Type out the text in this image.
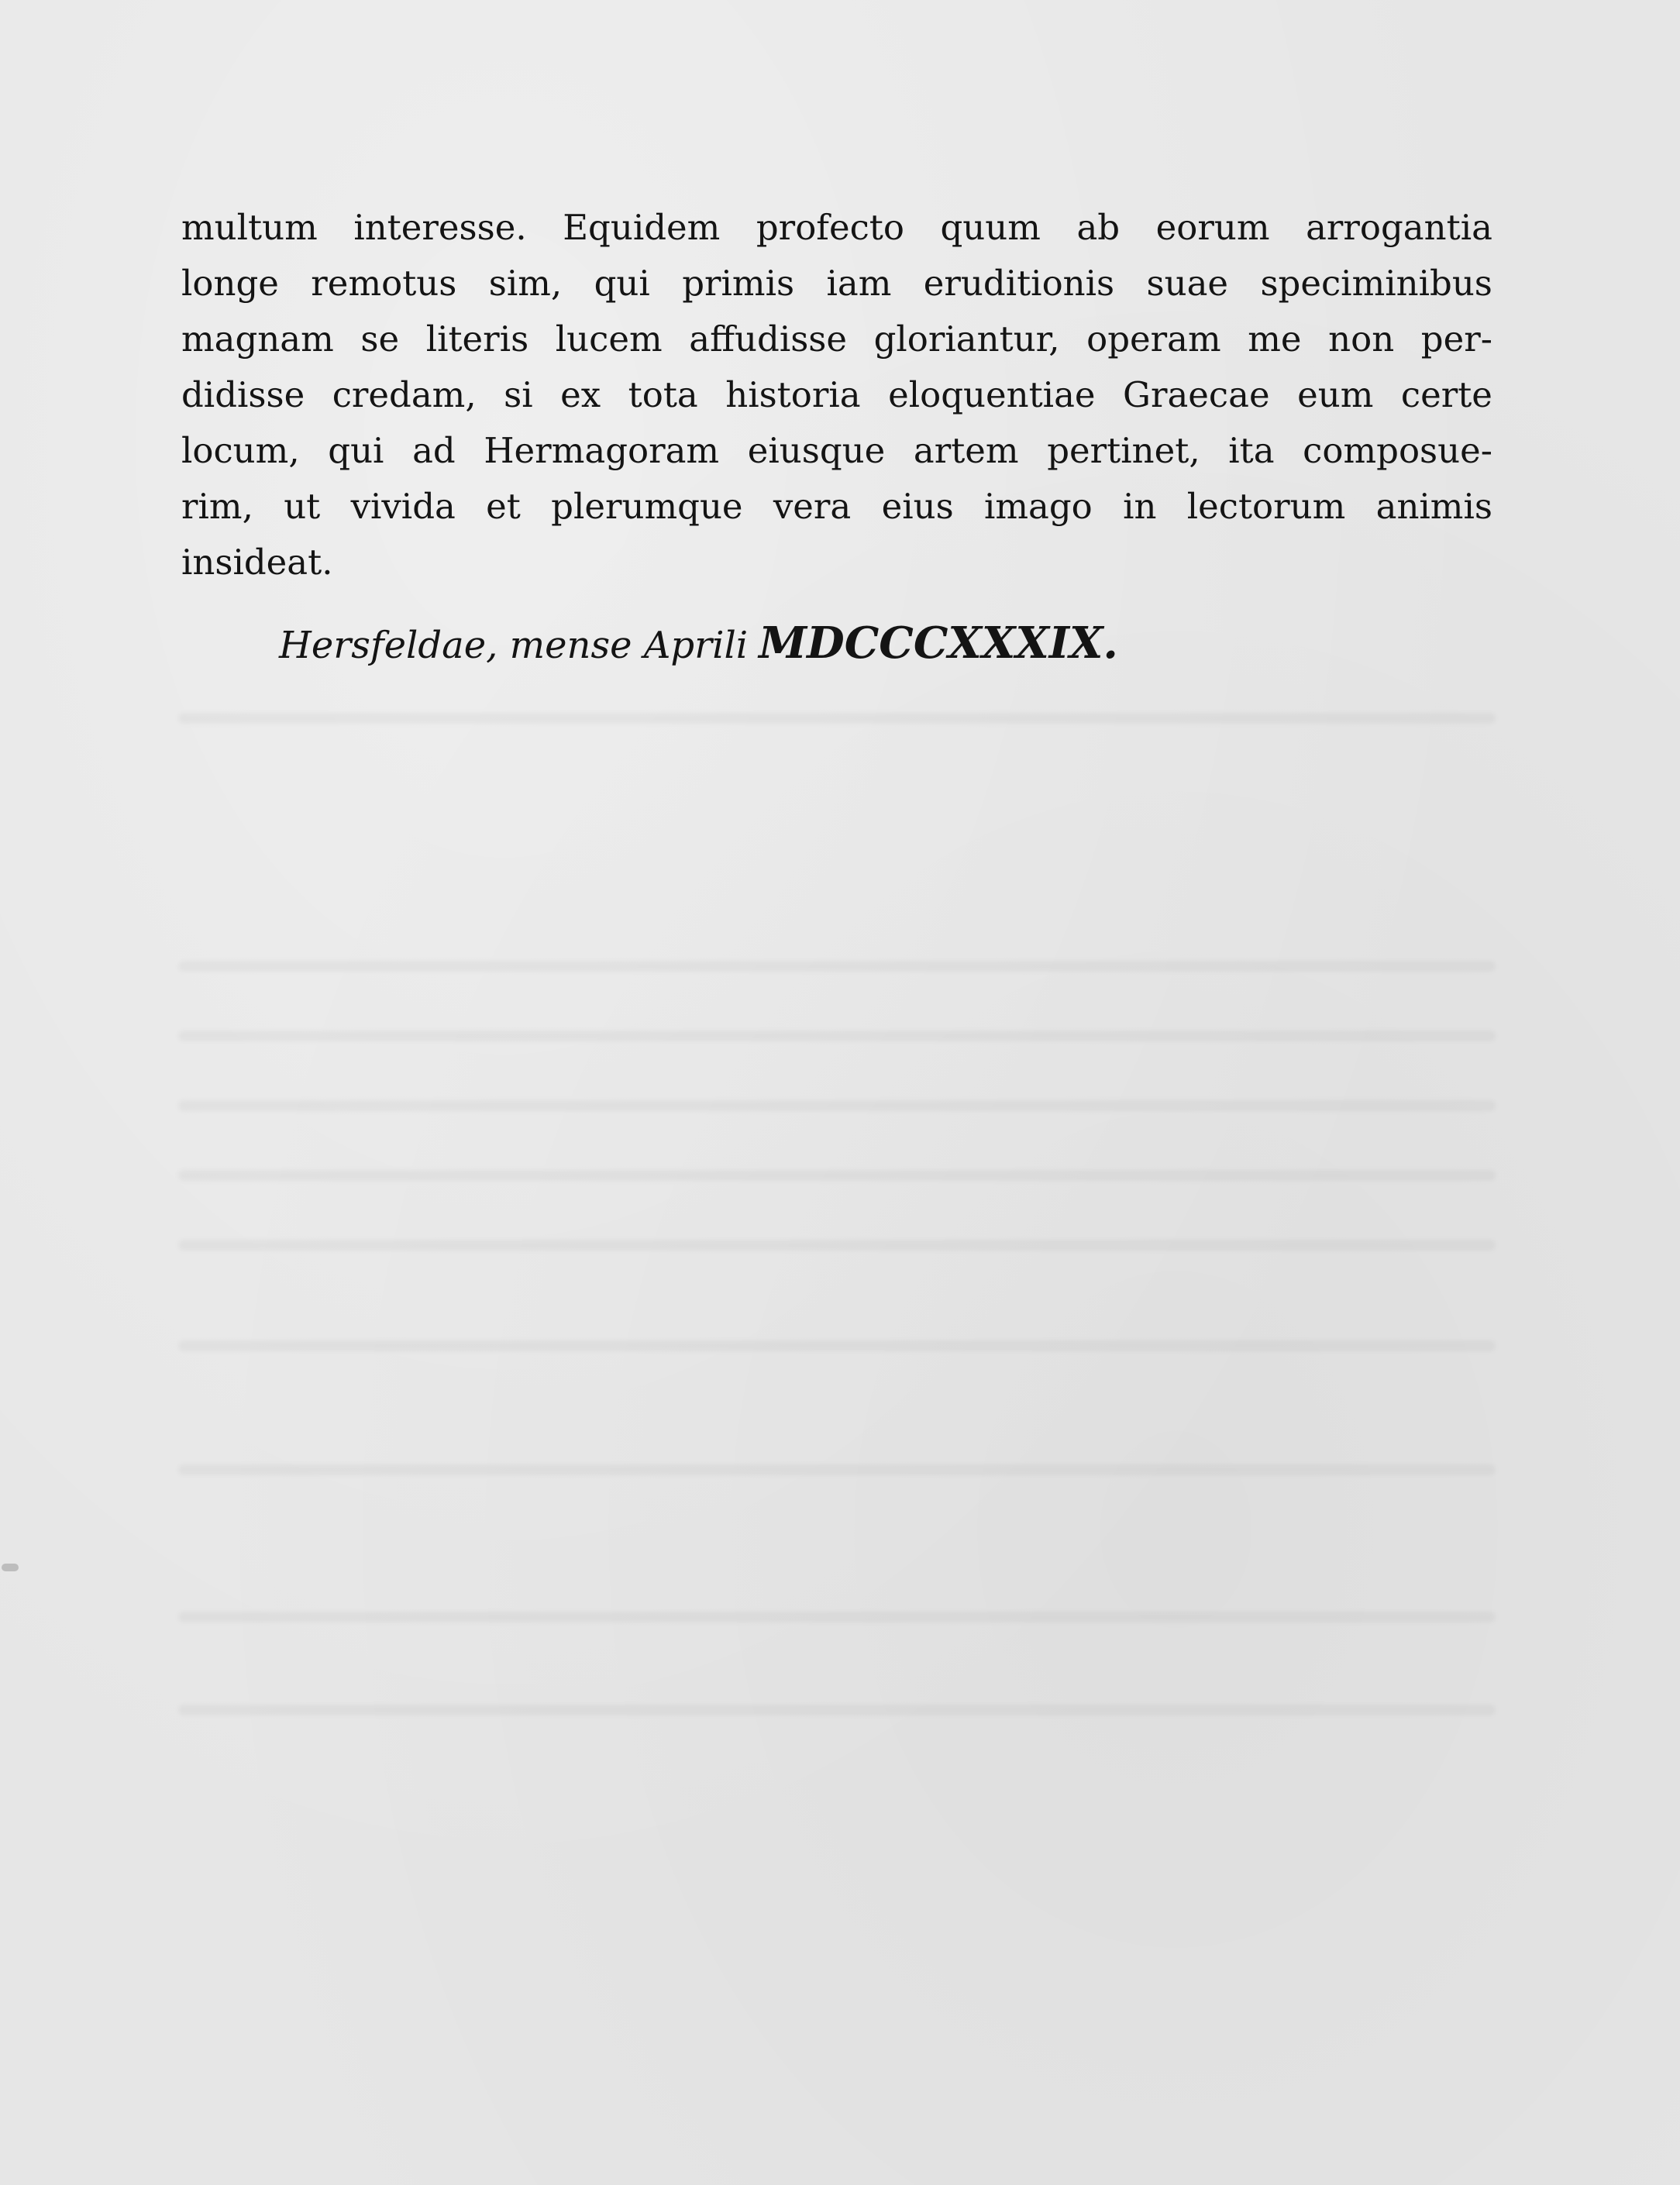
multum interesse. Equidem profecto quum ab eorum arrogantia
longe remotus sim, qui primis iam eruditionis suae speciminibus
magnam se literis lucem affudisse gloriantur, operam me non per-
didisse credam, si ex tota historia eloquentiae Graecae eum certe
locum, qui ad Hermagoram eiusque artem pertinet, ita composue-
rim, ut vivida et plerumque vera eius imago in lectorum animis
insideat.
Hersfeldae, mense Aprili MDCCCXXXIX.
